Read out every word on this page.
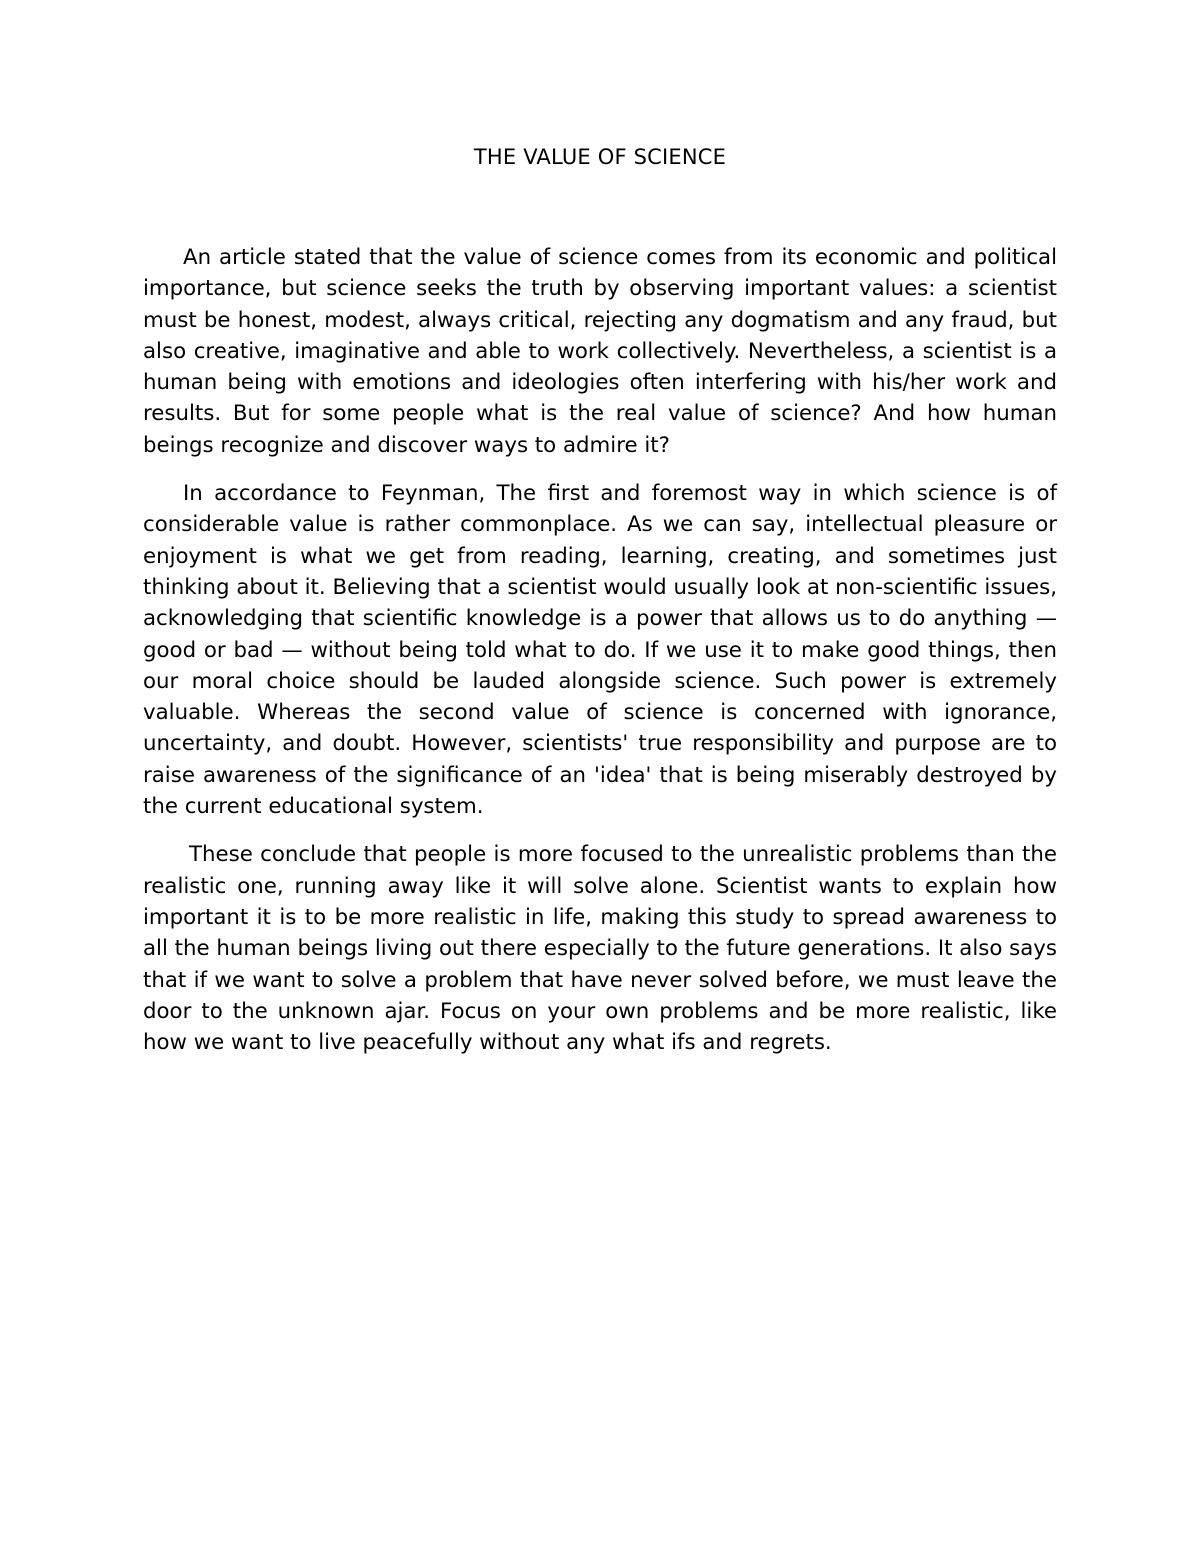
THE VALUE OF SCIENCE

An article stated that the value of science comes from its economic and political importance, but science seeks the truth by observing important values: a scientist must be honest, modest, always critical, rejecting any dogmatism and any fraud, but also creative, imaginative and able to work collectively. Nevertheless, a scientist is a human being with emotions and ideologies often interfering with his/her work and results. But for some people what is the real value of science? And how human beings recognize and discover ways to admire it?

In accordance to Feynman, The first and foremost way in which science is of considerable value is rather commonplace. As we can say, intellectual pleasure or enjoyment is what we get from reading, learning, creating, and sometimes just thinking about it. Believing that a scientist would usually look at non-scientific issues, acknowledging that scientific knowledge is a power that allows us to do anything — good or bad — without being told what to do. If we use it to make good things, then our moral choice should be lauded alongside science. Such power is extremely valuable. Whereas the second value of science is concerned with ignorance, uncertainty, and doubt. However, scientists' true responsibility and purpose are to raise awareness of the significance of an 'idea' that is being miserably destroyed by the current educational system.

These conclude that people is more focused to the unrealistic problems than the realistic one, running away like it will solve alone. Scientist wants to explain how important it is to be more realistic in life, making this study to spread awareness to all the human beings living out there especially to the future generations. It also says that if we want to solve a problem that have never solved before, we must leave the door to the unknown ajar. Focus on your own problems and be more realistic, like how we want to live peacefully without any what ifs and regrets.
